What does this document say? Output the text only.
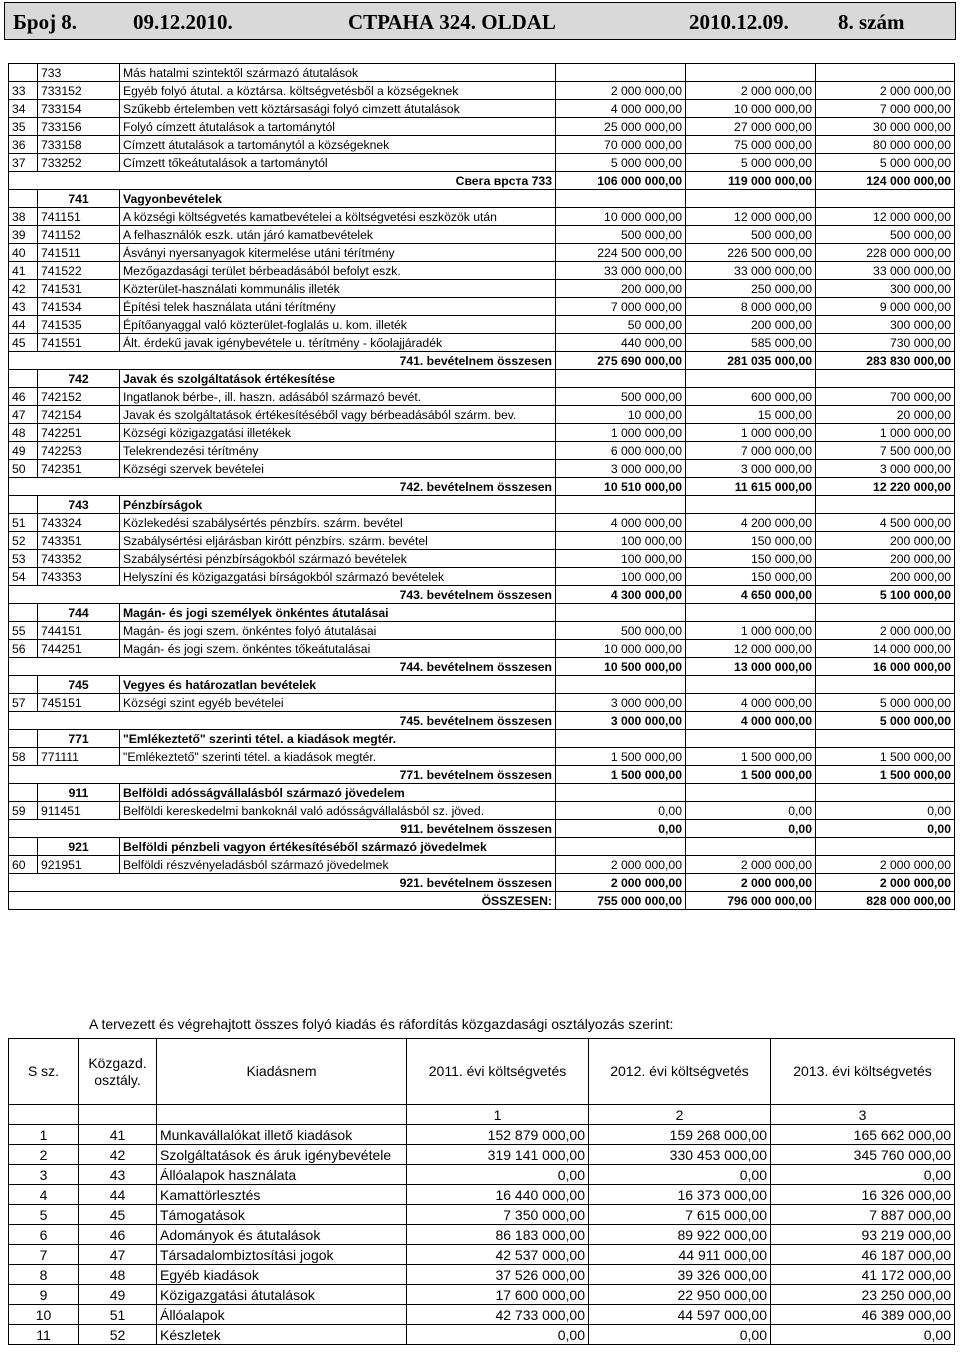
Број 8.	09.12.2010.	СТРАНА 324. OLDAL	2010.12.09. 8. szám
	733	Más hatalmi szintektől származó átutalások			
33	733152	Egyéb folyó átutal. a köztársa. költségvetésből a községeknek	2 000 000,00	2 000 000,00	2 000 000,00
34	733154	Szűkebb értelemben vett köztársasági folyó cimzett átutalások	4 000 000,00	10 000 000,00	7 000 000,00
35	733156	Folyó címzett átutalások a tartománytól	25 000 000,00	27 000 000,00	30 000 000,00
36	733158	Címzett átutalások a tartománytól a községeknek	70 000 000,00	75 000 000,00	80 000 000,00
37	733252	Címzett tőkeátutalások a tartománytól	5 000 000,00	5 000 000,00	5 000 000,00
Свега врста 733			106 000 000,00	119 000 000,00	124 000 000,00
	741	Vagyonbevételek			
38	741151	A községi költségvetés kamatbevételei a költségvetési eszközök után	10 000 000,00	12 000 000,00	12 000 000,00
39	741152	A felhasználók eszk. után járó kamatbevételek	500 000,00	500 000,00	500 000,00
40	741511	Ásványi nyersanyagok kitermelése utáni térítmény	224 500 000,00	226 500 000,00	228 000 000,00
41	741522	Mezőgazdasági terület bérbeadásából befolyt eszk.	33 000 000,00	33 000 000,00	33 000 000,00
42	741531	Közterület-használati kommunális illeték	200 000,00	250 000,00	300 000,00
43	741534	Építési telek használata utáni térítmény	7 000 000,00	8 000 000,00	9 000 000,00
44	741535	Építőanyaggal való közterület-foglalás u. kom. illeték	50 000,00	200 000,00	300 000,00
45	741551	Ált. érdekű javak igénybevétele u. térítmény - kőolajjáradék	440 000,00	585 000,00	730 000,00
741. bevételnem összesen			275 690 000,00	281 035 000,00	283 830 000,00
	742	Javak és szolgáltatások értékesítése			
46	742152	Ingatlanok bérbe-, ill. haszn. adásából származó bevét.	500 000,00	600 000,00	700 000,00
47	742154	Javak és szolgáltatások értékesítéséből vagy bérbeadásából szárm. bev.	10 000,00	15 000,00	20 000,00
48	742251	Községi közigazgatási illetékek	1 000 000,00	1 000 000,00	1 000 000,00
49	742253	Telekrendezési térítmény	6 000 000,00	7 000 000,00	7 500 000,00
50	742351	Községi szervek bevételei	3 000 000,00	3 000 000,00	3 000 000,00
742. bevételnem összesen			10 510 000,00	11 615 000,00	12 220 000,00
	743	Pénzbírságok			
51	743324	Közlekedési szabálysértés pénzbírs. szárm. bevétel	4 000 000,00	4 200 000,00	4 500 000,00
52	743351	Szabálysértési eljárásban kirótt pénzbírs. szárm. bevétel	100 000,00	150 000,00	200 000,00
53	743352	Szabálysértési pénzbírságokból származó bevételek	100 000,00	150 000,00	200 000,00
54	743353	Helyszíni és közigazgatási bírságokból származó bevételek	100 000,00	150 000,00	200 000,00
743. bevételnem összesen			4 300 000,00	4 650 000,00	5 100 000,00
	744	Magán- és jogi személyek önkéntes átutalásai			
55	744151	Magán- és jogi szem. önkéntes folyó átutalásai	500 000,00	1 000 000,00	2 000 000,00
56	744251	Magán- és jogi szem. önkéntes tőkeátutalásai	10 000 000,00	12 000 000,00	14 000 000,00
744. bevételnem összesen			10 500 000,00	13 000 000,00	16 000 000,00
	745	Vegyes és határozatlan bevételek			
57	745151	Községi szint egyéb bevételei	3 000 000,00	4 000 000,00	5 000 000,00
745. bevételnem összesen			3 000 000,00	4 000 000,00	5 000 000,00
	771	"Emlékeztető" szerinti tétel. a kiadások megtér.			
58	771111	"Emlékeztető" szerinti tétel. a kiadások megtér.	1 500 000,00	1 500 000,00	1 500 000,00
771. bevételnem összesen			1 500 000,00	1 500 000,00	1 500 000,00
	911	Belföldi adósságvállalásból származó jövedelem			
59	911451	Belföldi kereskedelmi bankoknál való adósságvállalásból sz. jöved.	0,00	0,00	0,00
911. bevételnem összesen			0,00	0,00	0,00
	921	Belföldi pénzbeli vagyon értékesítéséből származó jövedelmek			
60	921951	Belföldi részvényeladásból származó jövedelmek	2 000 000,00	2 000 000,00	2 000 000,00
921. bevételnem összesen			2 000 000,00	2 000 000,00	2 000 000,00
ÖSSZESEN:			755 000 000,00	796 000 000,00	828 000 000,00
A tervezett és végrehajtott összes folyó kiadás és ráfordítás közgazdasági osztályozás szerint:
S sz.	Közgazd. osztály.	Kiadásnem	2011. évi költségvetés	2012. évi költségvetés	2013. évi költségvetés
			1	2	3
1	41	Munkavállalókat illető kiadások	152 879 000,00	159 268 000,00	165 662 000,00
2	42	Szolgáltatások és áruk igénybevétele	319 141 000,00	330 453 000,00	345 760 000,00
3	43	Állóalapok használata	0,00	0,00	0,00
4	44	Kamattörlesztés	16 440 000,00	16 373 000,00	16 326 000,00
5	45	Támogatások	7 350 000,00	7 615 000,00	7 887 000,00
6	46	Adományok és átutalások	86 183 000,00	89 922 000,00	93 219 000,00
7	47	Társadalombiztosítási jogok	42 537 000,00	44 911 000,00	46 187 000,00
8	48	Egyéb kiadások	37 526 000,00	39 326 000,00	41 172 000,00
9	49	Közigazgatási átutalások	17 600 000,00	22 950 000,00	23 250 000,00
10	51	Állóalapok	42 733 000,00	44 597 000,00	46 389 000,00
11	52	Készletek	0,00	0,00	0,00
